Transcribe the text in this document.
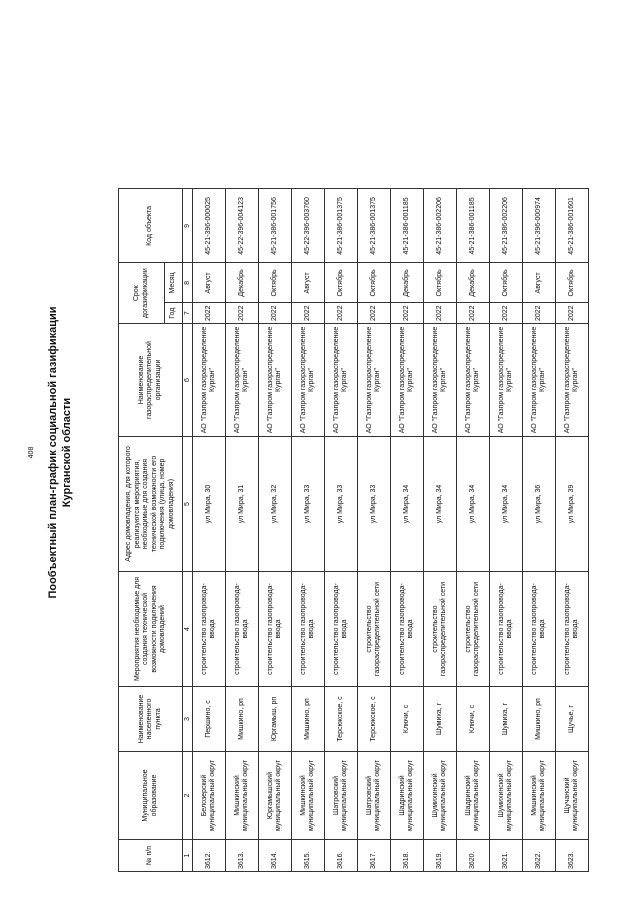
408 Пообъектный план-график социальной газификации Курганской области
№ п/п	Муниципальное образование	Наименование населенного пункта	Мероприятия необходимые для создания технической возможности подключения домовладений	Адрес домовладения, для которого реализуются мероприятия, необходимые для создания технической возможности его подключения (улица, номер домовладения)	Наименование газораспределительной организации	Срок догазификации		Код объекта
						Год	Месяц	
1	2	3	4	5	6	7	8	9
3612.	Белозерский муниципальный округ	Першино, с	строительство газопровода-ввода	ул Мира, 30	АО "Газпром газораспределение Курган"	2022	Август	45-21-396-000025
3613.	Мишкинский муниципальный округ	Мишкино, рп	строительство газопровода-ввода	ул Мира, 31	АО "Газпром газораспределение Курган"	2022	Декабрь	45-22-396-004123
3614.	Юргамышский муниципальный округ	Юргамыш, рп	строительство газопровода-ввода	ул Мира, 32	АО "Газпром газораспределение Курган"	2022	Октябрь	45-21-386-001756
3615.	Мишкинский муниципальный округ	Мишкино, рп	строительство газопровода-ввода	ул Мира, 33	АО "Газпром газораспределение Курган"	2022	Август	45-22-396-003760
3616.	Шатровский муниципальный округ	Терсюкское, с	строительство газопровода-ввода	ул Мира, 33	АО "Газпром газораспределение Курган"	2022	Октябрь	45-21-386-001375
3617.	Шатровский муниципальный округ	Терсюкское, с	строительство газораспределительной сети	ул Мира, 33	АО "Газпром газораспределение Курган"	2022	Октябрь	45-21-386-001375
3618.	Шадринский муниципальный округ	Ключи, с	строительство газопровода-ввода	ул Мира, 34	АО "Газпром газораспределение Курган"	2022	Декабрь	45-21-386-001185
3619.	Шумихинский муниципальный округ	Шумиха, г	строительство газораспределительной сети	ул Мира, 34	АО "Газпром газораспределение Курган"	2022	Октябрь	45-21-386-002206
3620.	Шадринский муниципальный округ	Ключи, с	строительство газораспределительной сети	ул Мира, 34	АО "Газпром газораспределение Курган"	2022	Декабрь	45-21-386-001185
3621.	Шумихинский муниципальный округ	Шумиха, г	строительство газопровода-ввода	ул Мира, 34	АО "Газпром газораспределение Курган"	2022	Октябрь	45-21-386-002206
3622.	Мишкинский муниципальный округ	Мишкино, рп	строительство газопровода-ввода	ул Мира, 36	АО "Газпром газораспределение Курган"	2022	Август	45-21-396-000974
3623.	Щучанский муниципальный округ	Щучье, г	строительство газопровода-ввода	ул Мира, 39	АО "Газпром газораспределение Курган"	2022	Октябрь	45-21-386-001601
